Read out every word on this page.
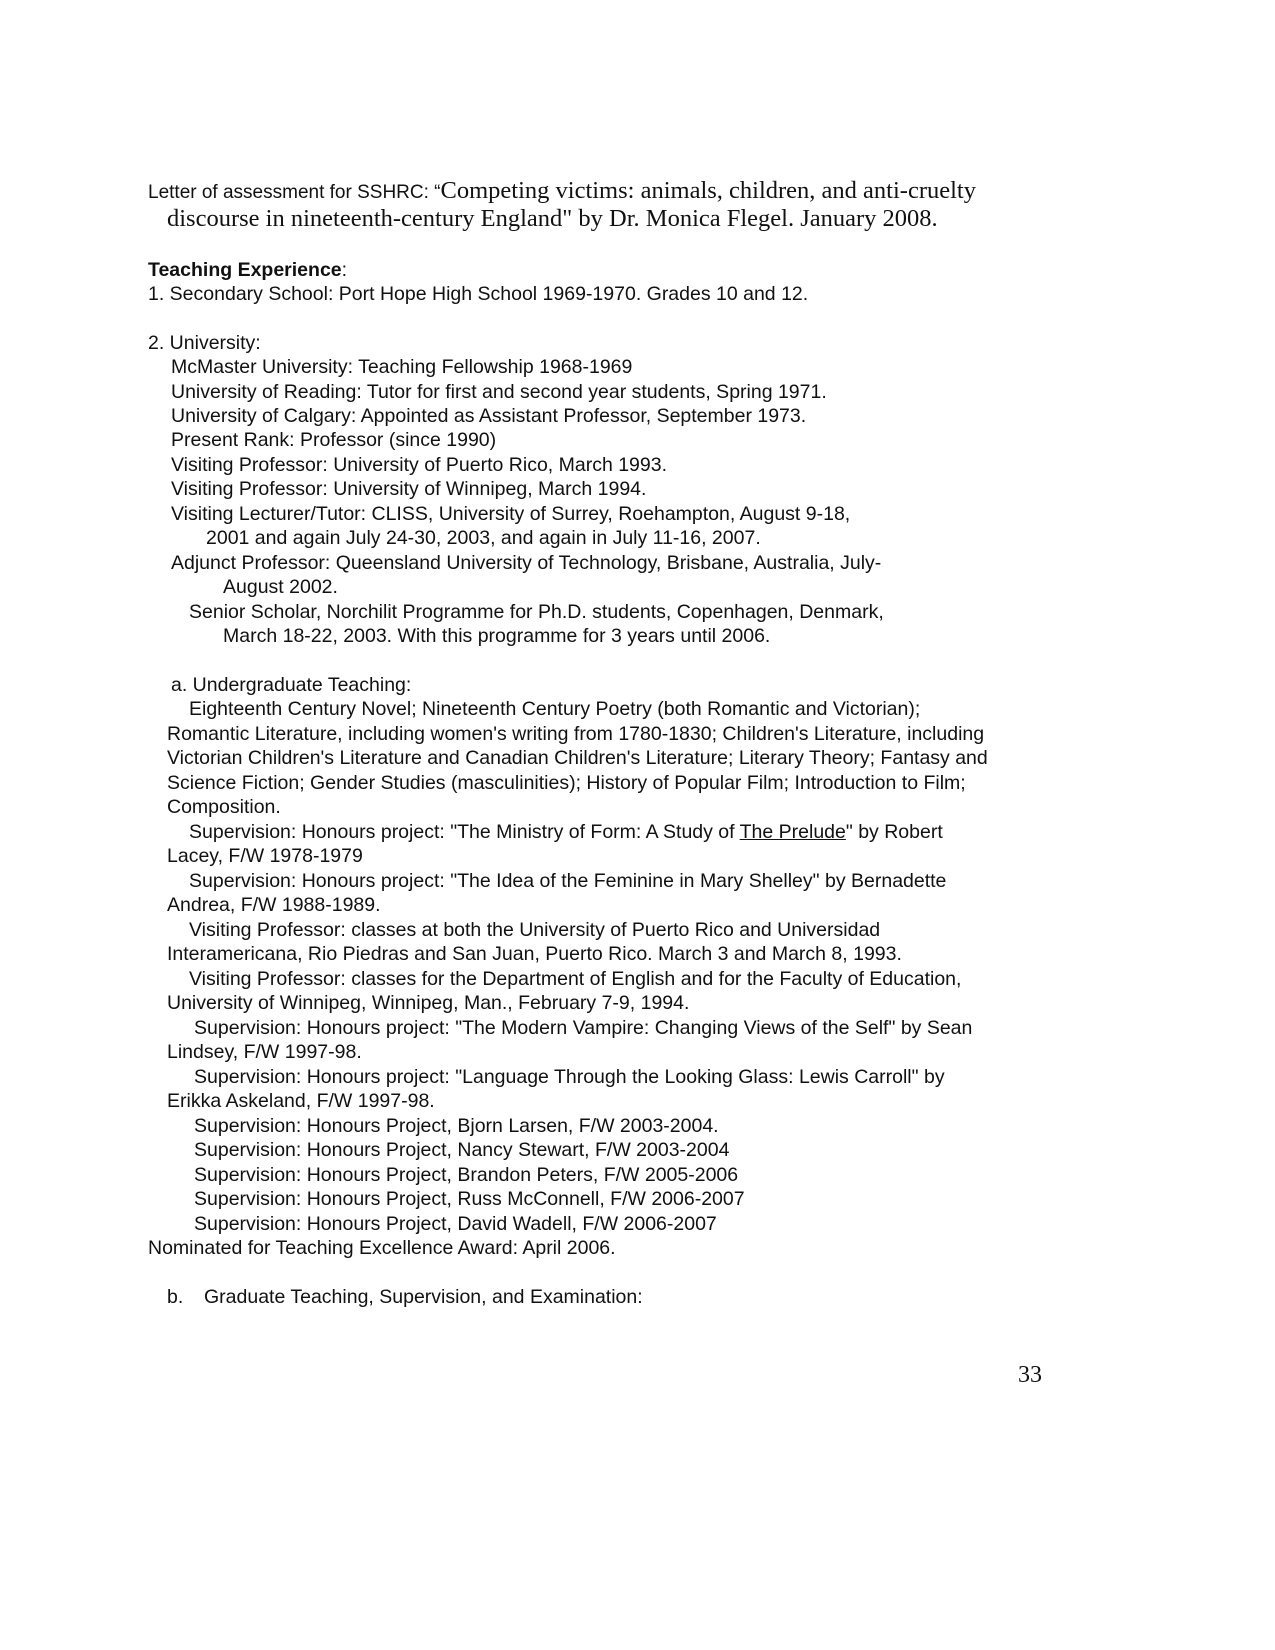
Letter of assessment for SSHRC: “Competing victims: animals, children, and anti-cruelty
discourse in nineteenth-century England" by Dr. Monica Flegel. January 2008.
Teaching Experience:
1. Secondary School: Port Hope High School 1969-1970. Grades 10 and 12.
2. University:
McMaster University: Teaching Fellowship 1968-1969
University of Reading: Tutor for first and second year students, Spring 1971.
University of Calgary: Appointed as Assistant Professor, September 1973.
Present Rank: Professor (since 1990)
Visiting Professor: University of Puerto Rico, March 1993.
Visiting Professor: University of Winnipeg, March 1994.
Visiting Lecturer/Tutor: CLISS, University of Surrey, Roehampton, August 9-18,
2001 and again July 24-30, 2003, and again in July 11-16, 2007.
Adjunct Professor: Queensland University of Technology, Brisbane, Australia, July-
August 2002.
Senior Scholar, Norchilit Programme for Ph.D. students, Copenhagen, Denmark,
March 18-22, 2003. With this programme for 3 years until 2006.
a. Undergraduate Teaching:
Eighteenth Century Novel; Nineteenth Century Poetry (both Romantic and Victorian);
Romantic Literature, including women's writing from 1780-1830; Children's Literature, including
Victorian Children's Literature and Canadian Children's Literature; Literary Theory; Fantasy and
Science Fiction; Gender Studies (masculinities); History of Popular Film; Introduction to Film;
Composition.
Supervision: Honours project: "The Ministry of Form: A Study of The Prelude" by Robert
Lacey, F/W 1978-1979
Supervision: Honours project: "The Idea of the Feminine in Mary Shelley" by Bernadette
Andrea, F/W 1988-1989.
Visiting Professor: classes at both the University of Puerto Rico and Universidad
Interamericana, Rio Piedras and San Juan, Puerto Rico. March 3 and March 8, 1993.
Visiting Professor: classes for the Department of English and for the Faculty of Education,
University of Winnipeg, Winnipeg, Man., February 7-9, 1994.
Supervision: Honours project: "The Modern Vampire: Changing Views of the Self" by Sean
Lindsey, F/W 1997-98.
Supervision: Honours project: "Language Through the Looking Glass: Lewis Carroll" by
Erikka Askeland, F/W 1997-98.
Supervision: Honours Project, Bjorn Larsen, F/W 2003-2004.
Supervision: Honours Project, Nancy Stewart, F/W 2003-2004
Supervision: Honours Project, Brandon Peters, F/W 2005-2006
Supervision: Honours Project, Russ McConnell, F/W 2006-2007
Supervision: Honours Project, David Wadell, F/W 2006-2007
Nominated for Teaching Excellence Award: April 2006.
b. Graduate Teaching, Supervision, and Examination:
33
